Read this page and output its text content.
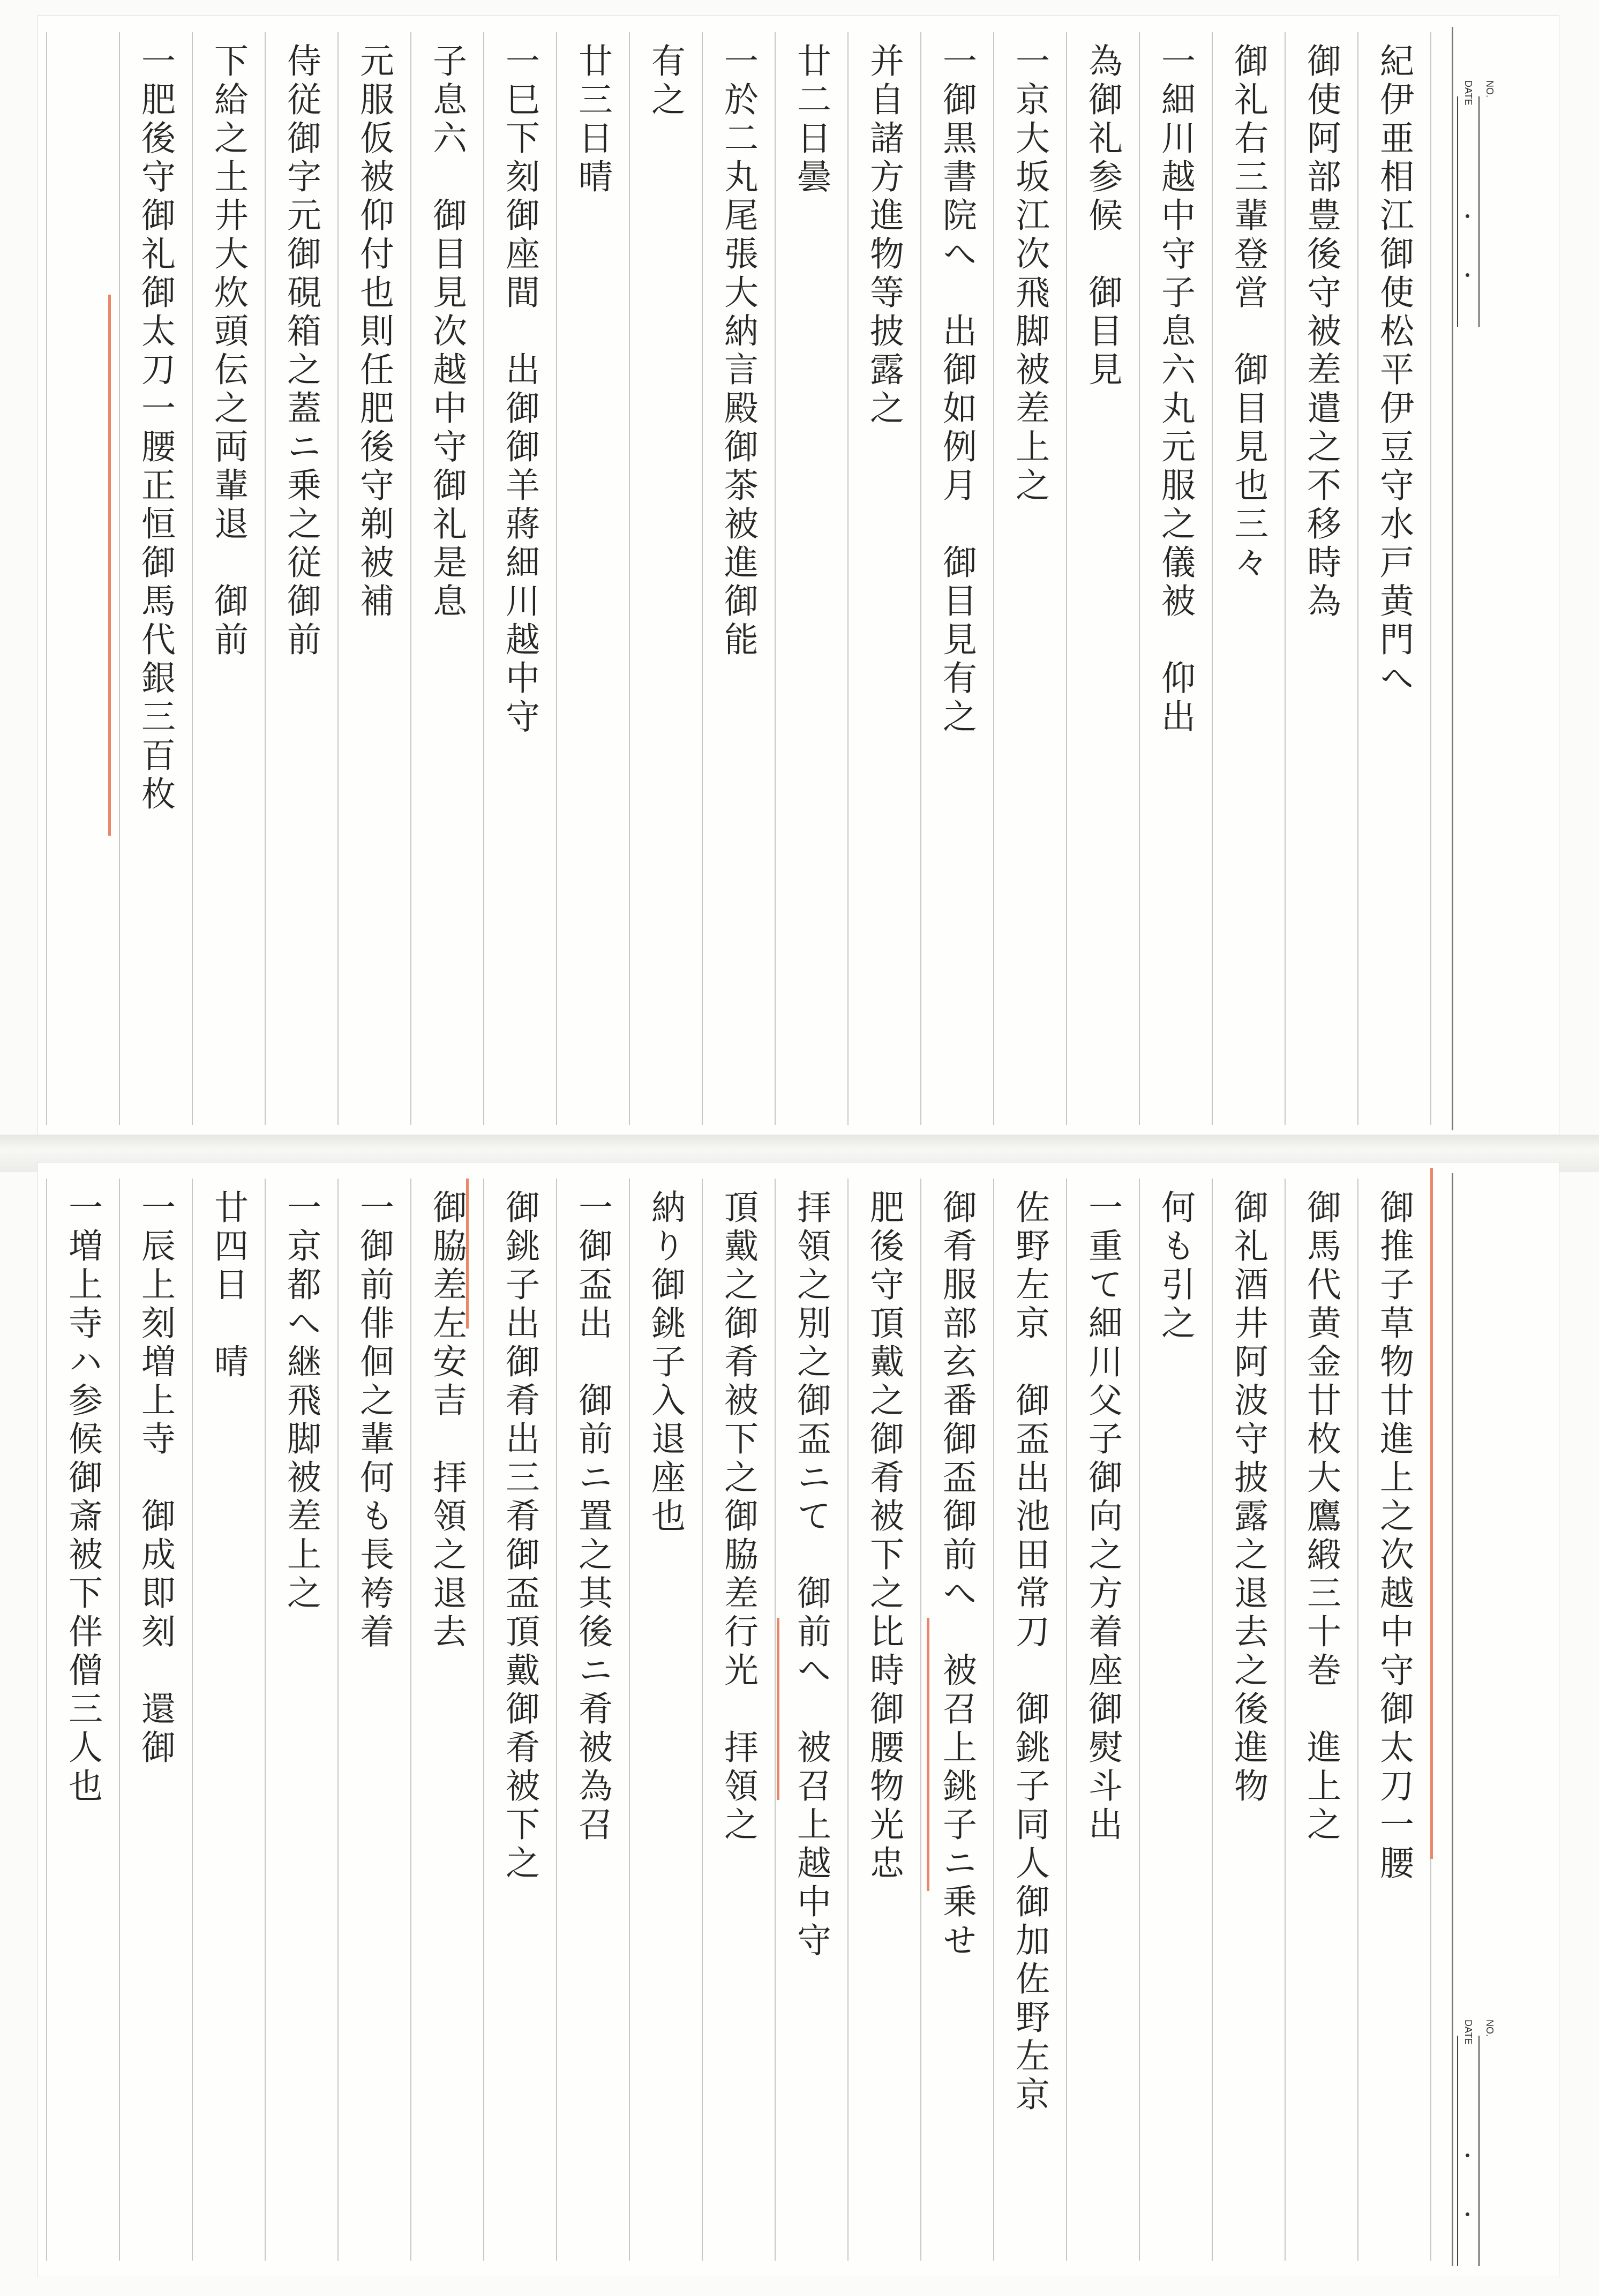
NO.
DATE
紀伊亜相江御使松平伊豆守水戸黄門へ
御使阿部豊後守被差遣之不移時為
御礼右三輩登営　御目見也三々
一細川越中守子息六丸元服之儀被　仰出
為御礼参候　御目見
一京大坂江次飛脚被差上之
一御黒書院へ　出御如例月　御目見有之
并自諸方進物等披露之
廿二日曇
一於二丸尾張大納言殿御茶被進御能
有之
廿三日晴
一巳下刻御座間　出御御羊蔣細川越中守
子息六　御目見次越中守御礼是息
元服仮被仰付也則任肥後守剃被補
侍従御字元御硯箱之蓋ニ乗之従御前
下給之土井大炊頭伝之両輩退　御前
一肥後守御礼御太刀一腰正恒御馬代銀三百枚
NO.
DATE
御推子草物廿進上之次越中守御太刀一腰
御馬代黄金廿枚大鷹緞三十巻　進上之
御礼酒井阿波守披露之退去之後進物
何も引之
一重て細川父子御向之方着座御熨斗出
佐野左京　御盃出池田常刀　御銚子同人御加佐野左京
御肴服部玄番御盃御前へ　被召上銚子ニ乗せ
肥後守頂戴之御肴被下之比時御腰物光忠
拝領之別之御盃ニて　御前へ　被召上越中守
頂戴之御肴被下之御脇差行光　拝領之
納り御銚子入退座也
一御盃出　御前ニ置之其後ニ肴被為召
御銚子出御肴出三肴御盃頂戴御肴被下之
御脇差左安吉　拝領之退去
一御前俳佪之輩何も長袴着
一京都へ継飛脚被差上之
廿四日　晴
一辰上刻増上寺　御成即刻　還御
一増上寺ハ参候御斎被下伴僧三人也
